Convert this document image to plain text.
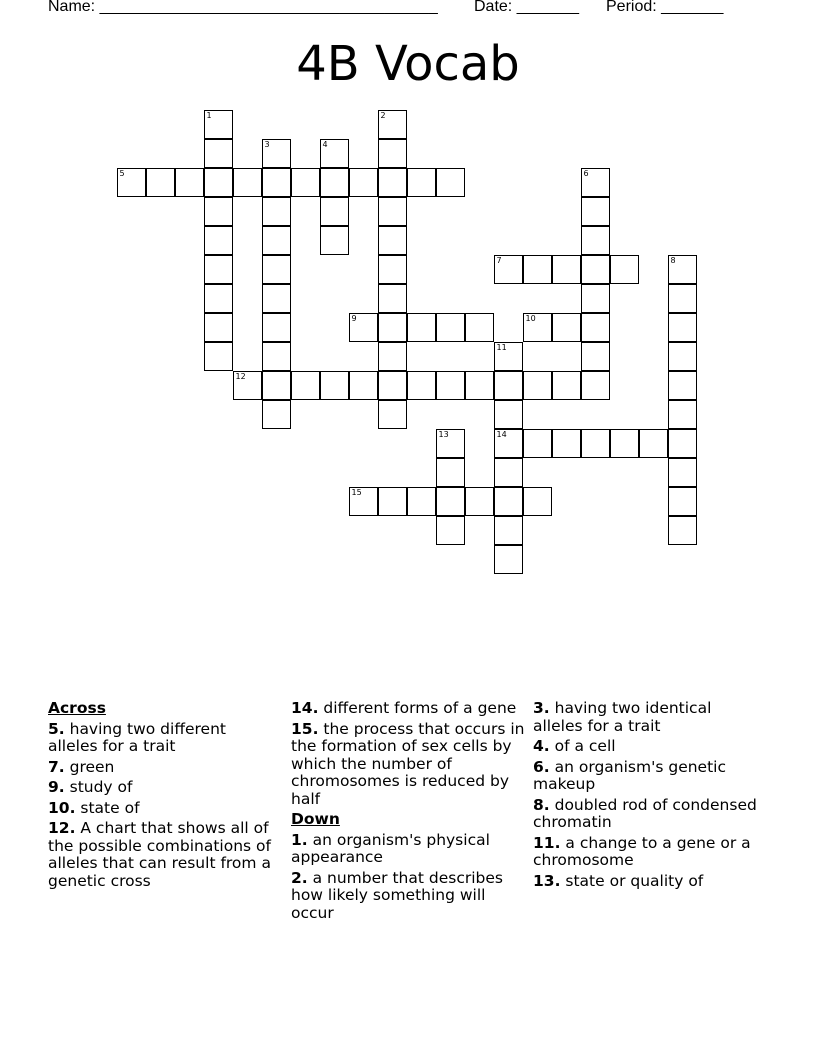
Name: ______________________________________ Date: _______ Period: _______
4B Vocab
1	2
3	4
5	6
7	8
9	10
11
14
12
13
15
Across
5. having two different alleles for a trait
7. green
9. study of
10. state of
12. A chart that shows all of the possible combinations of alleles that can result from a genetic cross
14. different forms of a gene
15. the process that occurs in the formation of sex cells by which the number of chromosomes is reduced by half
Down
1. an organism's physical appearance
2. a number that describes how likely something will occur
3. having two identical alleles for a trait
4. of a cell
6. an organism's genetic makeup
8. doubled rod of condensed chromatin
11. a change to a gene or a chromosome
13. state or quality of
